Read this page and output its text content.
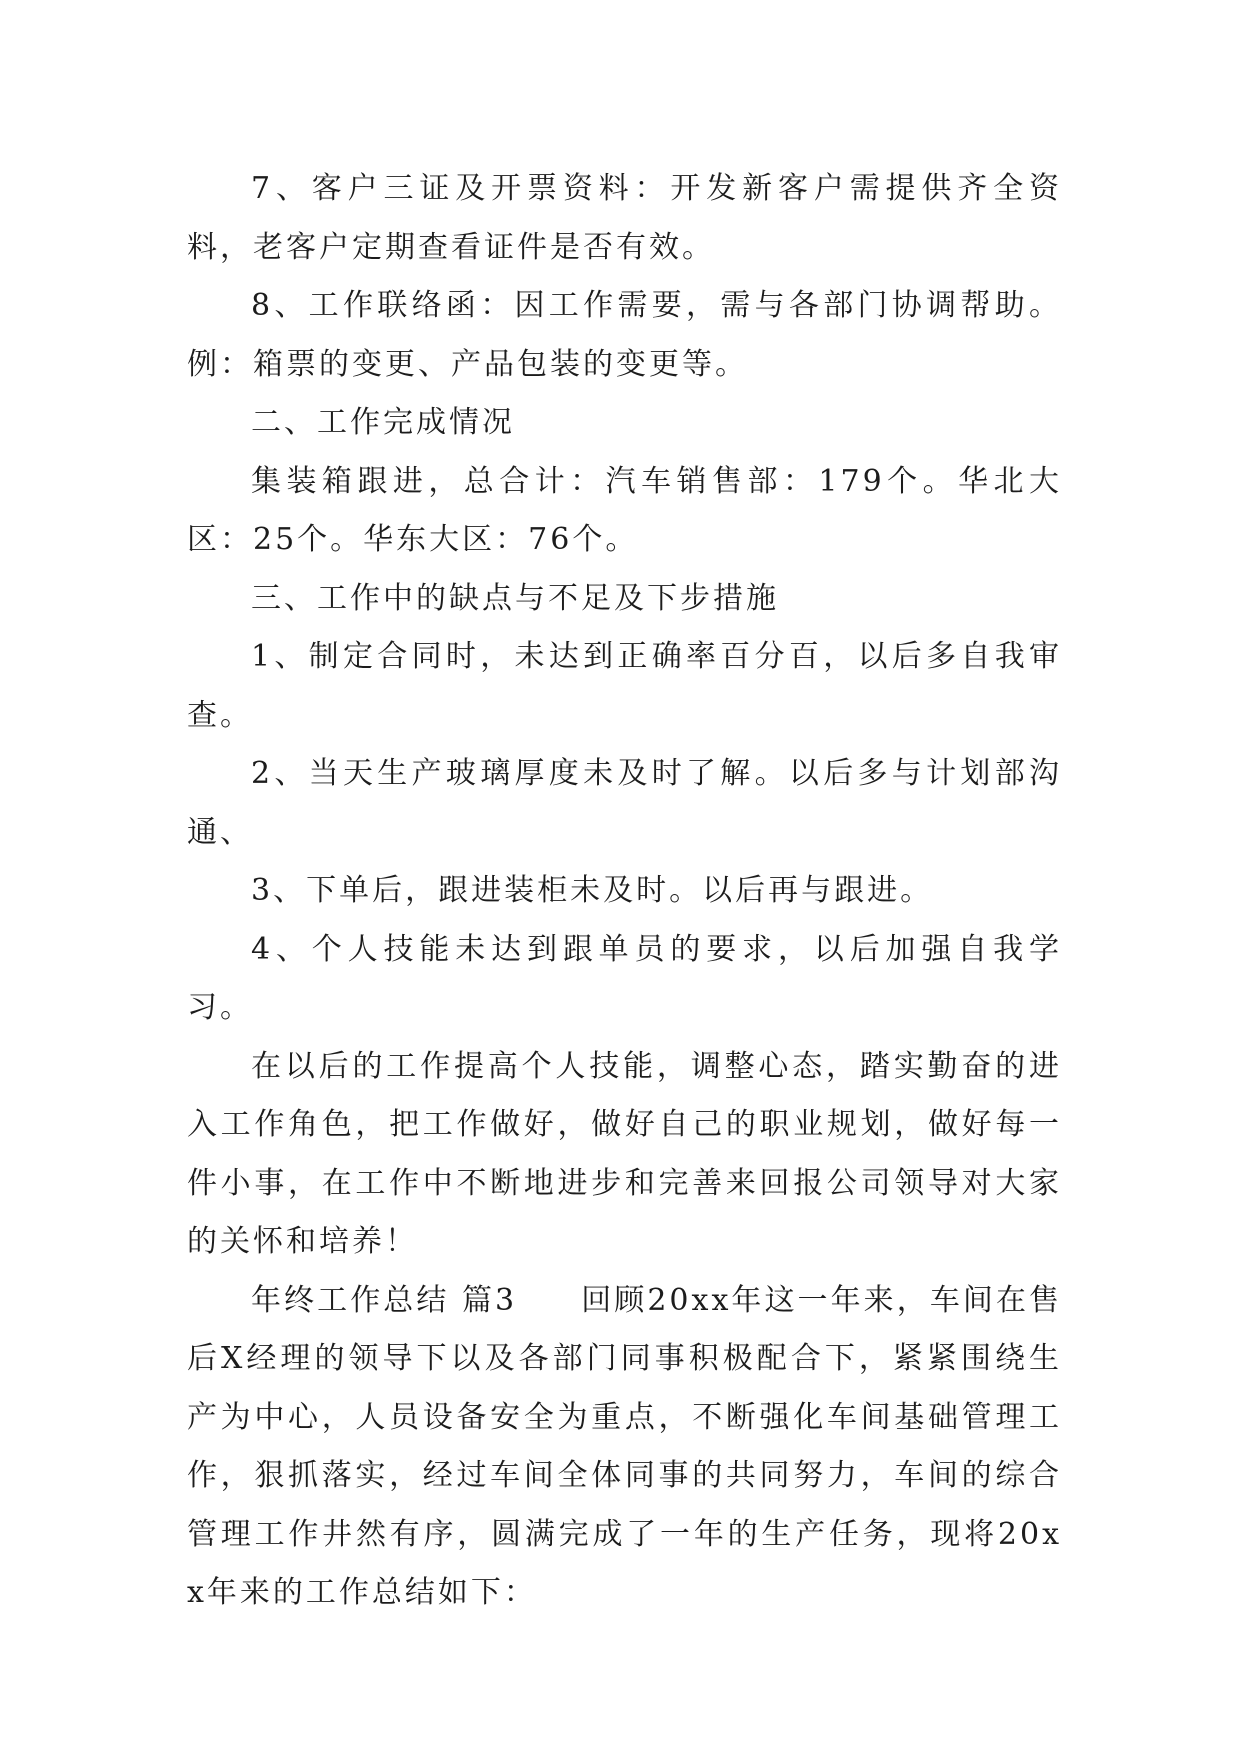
7、客户三证及开票资料：开发新客户需提供齐全资料，老客户定期查看证件是否有效。

8、工作联络函：因工作需要，需与各部门协调帮助。例：箱票的变更、产品包装的变更等。

二、工作完成情况

集装箱跟进，总合计：汽车销售部：179个。华北大区：25个。华东大区：76个。

三、工作中的缺点与不足及下步措施

1、制定合同时，未达到正确率百分百，以后多自我审查。

2、当天生产玻璃厚度未及时了解。以后多与计划部沟通、

3、下单后，跟进装柜未及时。以后再与跟进。

4、个人技能未达到跟单员的要求，以后加强自我学习。

在以后的工作提高个人技能，调整心态，踏实勤奋的进入工作角色，把工作做好，做好自己的职业规划，做好每一件小事，在工作中不断地进步和完善来回报公司领导对大家的关怀和培养！

年终工作总结 篇3 回顾20xx年这一年来，车间在售后X经理的领导下以及各部门同事积极配合下，紧紧围绕生产为中心，人员设备安全为重点，不断强化车间基础管理工作，狠抓落实，经过车间全体同事的共同努力，车间的综合管理工作井然有序，圆满完成了一年的生产任务，现将20xx年来的工作总结如下：
